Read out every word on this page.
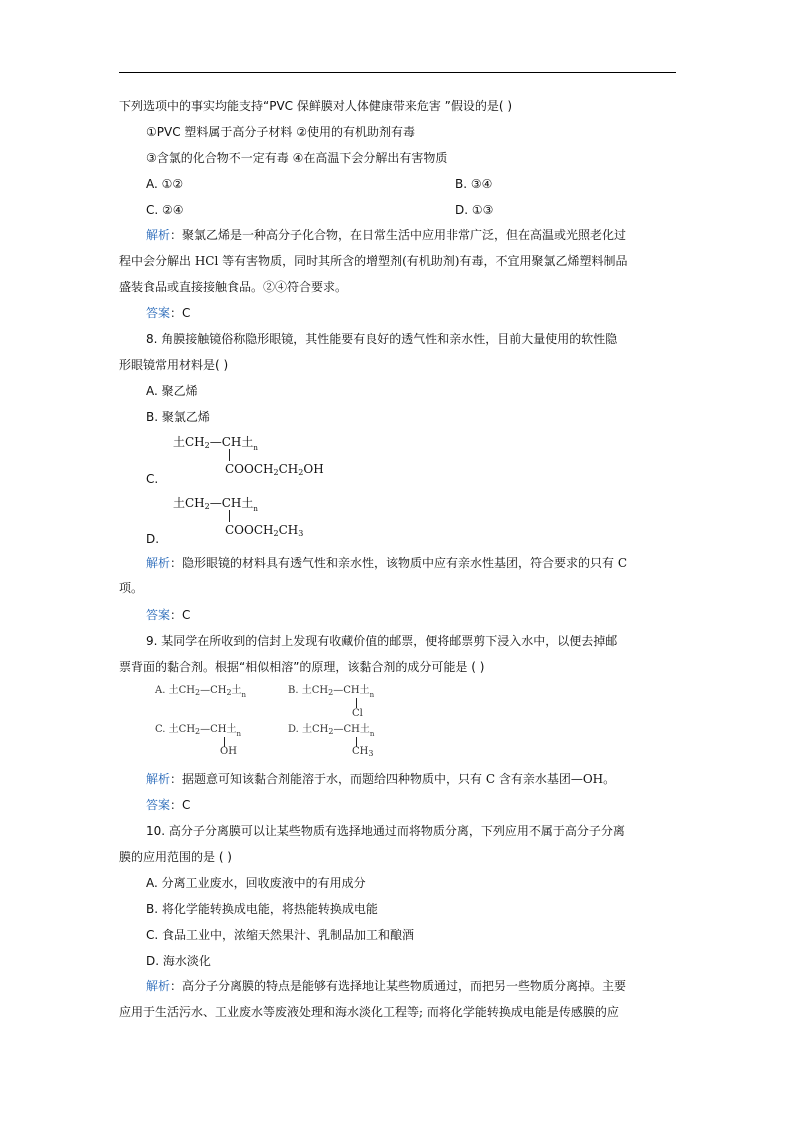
下列选项中的事实均能支持“PVC 保鲜膜对人体健康带来危害 ”假设的是( )
①PVC 塑料属于高分子材料 ②使用的有机助剂有毒
③含氯的化合物不一定有毒 ④在高温下会分解出有害物质
A. ①②	B. ③④
C. ②④	D. ①③
解析：聚氯乙烯是一种高分子化合物，在日常生活中应用非常广泛，但在高温或光照老化过
程中会分解出 HCl 等有害物质，同时其所含的增塑剂(有机助剂)有毒，不宜用聚氯乙烯塑料制品
盛装食品或直接接触食品。②④符合要求。
答案：C
8. 角膜接触镜俗称隐形眼镜，其性能要有良好的透气性和亲水性，目前大量使用的软性隐
形眼镜常用材料是( )
A. 聚乙烯
B. 聚氯乙烯
⼟$CH_2—CH$⼟$_n$
$COOCH_2CH_2OH$
C.
⼟$CH_2—CH$⼟$_n$
$COOCH_2CH_3$
D.
解析：隐形眼镜的材料具有透气性和亲水性，该物质中应有亲水性基团，符合要求的只有 C
项。
答案：C
9. 某同学在所收到的信封上发现有收藏价值的邮票，便将邮票剪下浸入水中，以便去掉邮
票背面的黏合剂。根据“相似相溶”的原理，该黏合剂的成分可能是 ( )
A. ⼟$CH_2—CH_2$⼟$_n$	B. ⼟$CH_2—CH$⼟$_n$
Cl
C. ⼟$CH_2—CH$⼟$_n$
OH
D. ⼟$CH_2—CH$⼟$_n$
$CH_3$
解析：据题意可知该黏合剂能溶于水，而题给四种物质中，只有 C 含有亲水基团—OH。
答案：C
10. 高分子分离膜可以让某些物质有选择地通过而将物质分离，下列应用不属于高分子分离
膜的应用范围的是 ( )
A. 分离工业废水，回收废液中的有用成分
B. 将化学能转换成电能，将热能转换成电能
C. 食品工业中，浓缩天然果汁、乳制品加工和酿酒
D. 海水淡化
解析：高分子分离膜的特点是能够有选择地让某些物质通过，而把另一些物质分离掉。主要
应用于生活污水、工业废水等废液处理和海水淡化工程等; 而将化学能转换成电能是传感膜的应
